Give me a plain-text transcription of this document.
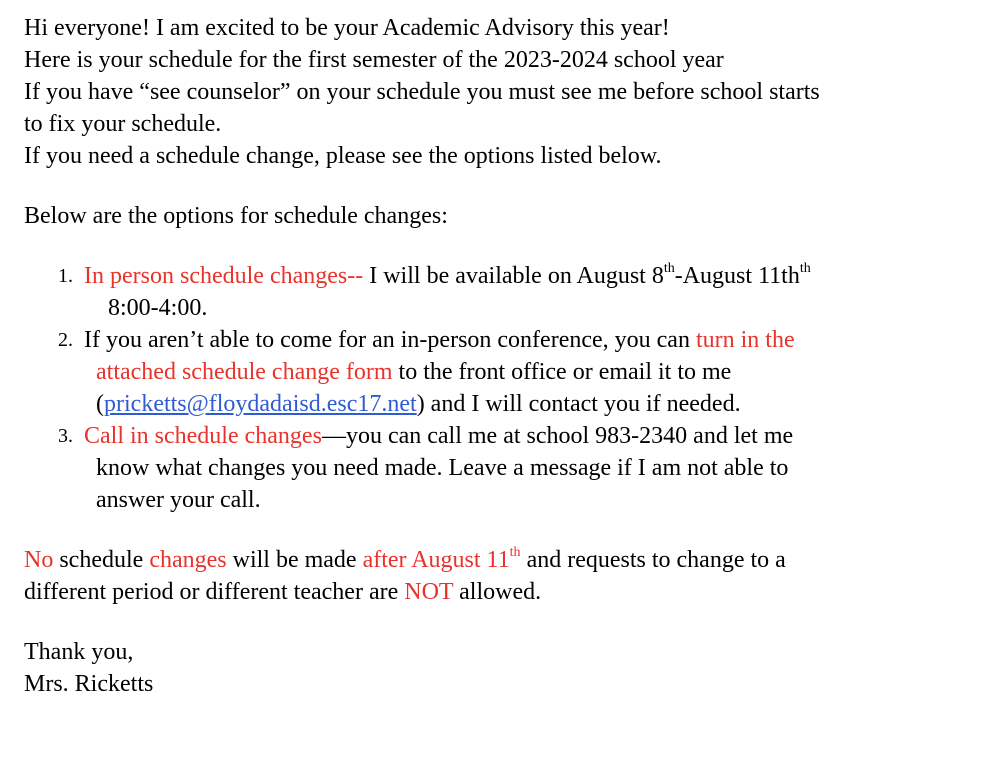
Hi everyone! I am excited to be your Academic Advisory this year!
Here is your schedule for the first semester of the 2023-2024 school year
If you have “see counselor” on your schedule you must see me before school starts
to fix your schedule.
If you need a schedule change, please see the options listed below.
Below are the options for schedule changes:
1. In person schedule changes-- I will be available on August 8th-August $11th^{th}$
8:00-4:00.
2. If you aren’t able to come for an in-person conference, you can turn in the
attached schedule change form to the front office or email it to me
(pricketts@floydadaisd.esc17.net) and I will contact you if needed.
3. Call in schedule changes—you can call me at school 983-2340 and let me
know what changes you need made. Leave a message if I am not able to
answer your call.
No schedule changes will be made after August 11th and requests to change to a
different period or different teacher are NOT allowed.
Thank you,
Mrs. Ricketts
